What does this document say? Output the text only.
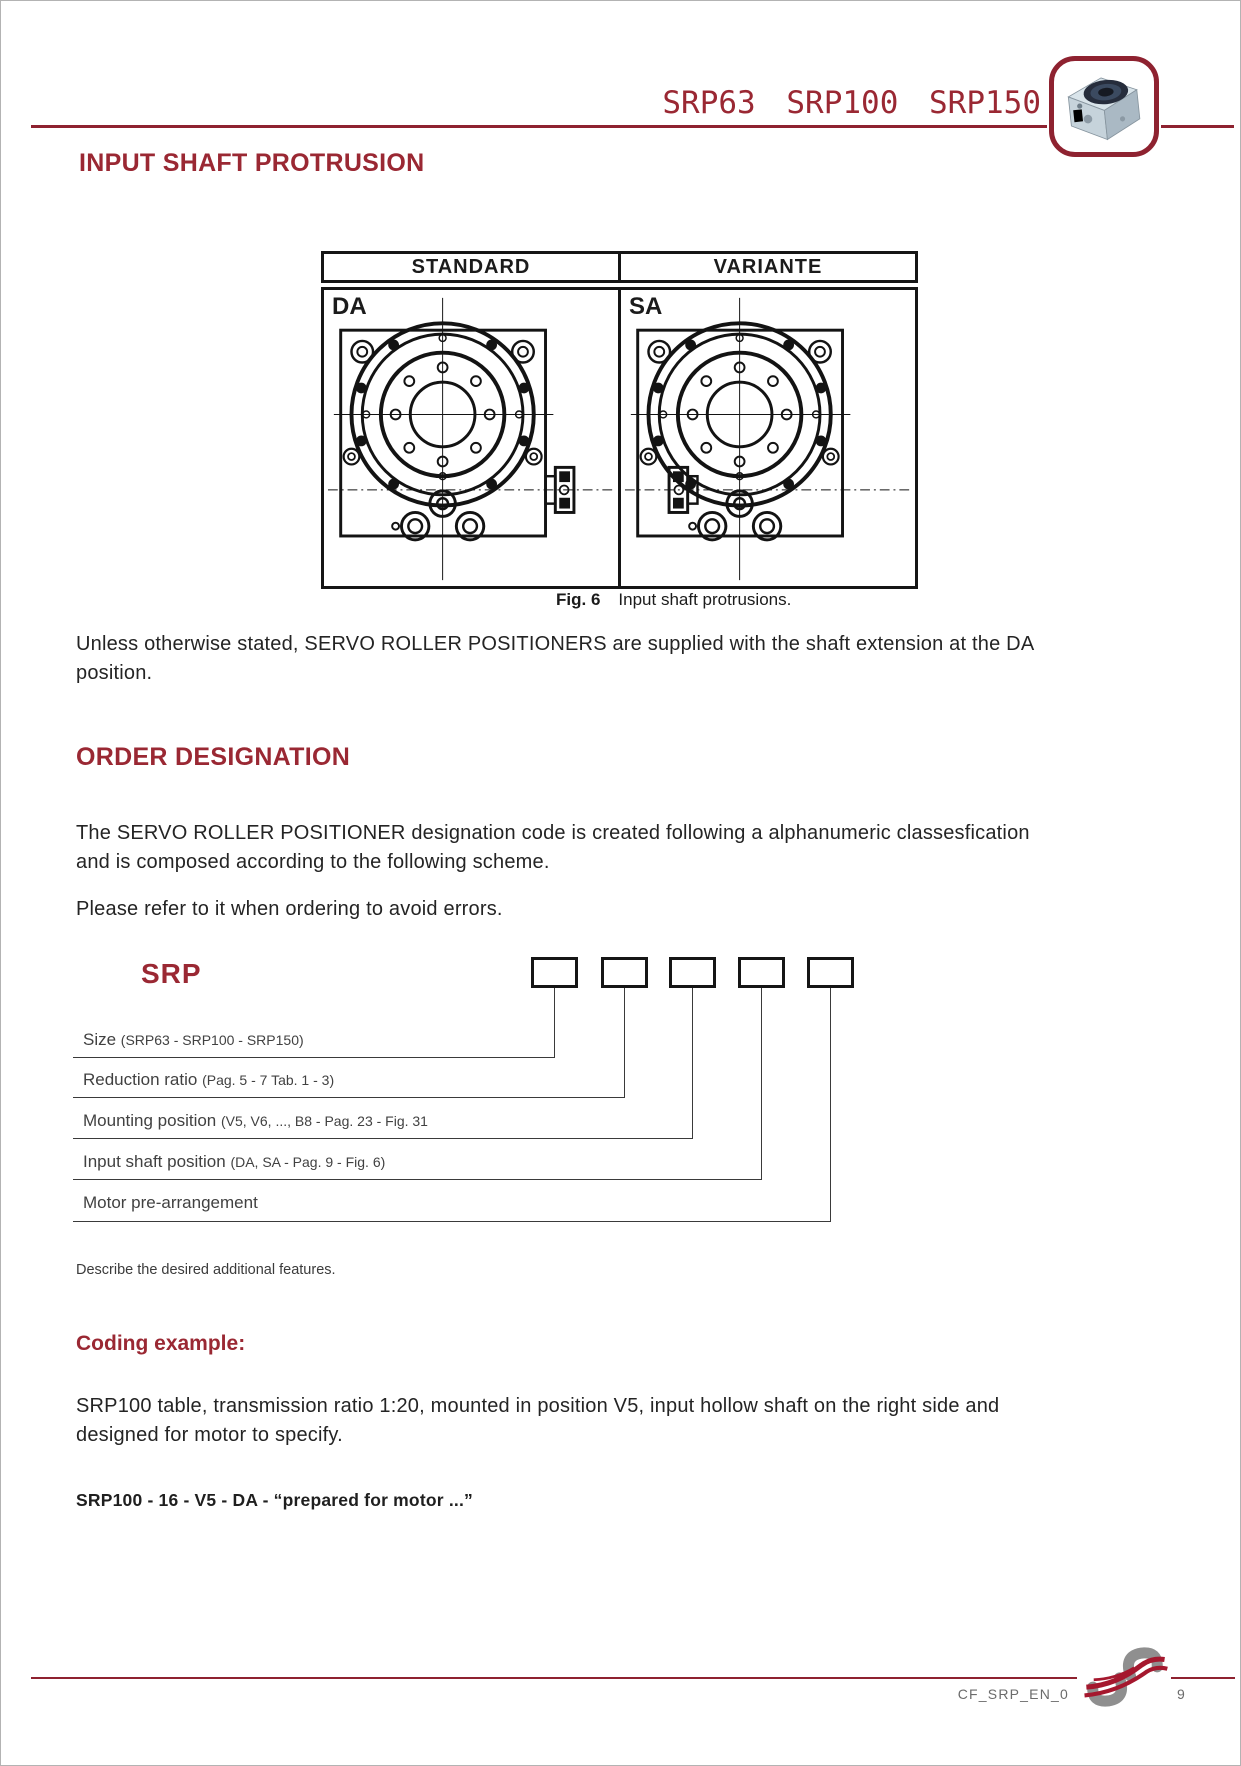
SRP63 SRP100 SRP150
INPUT SHAFT PROTRUSION
STANDARD	VARIANTE
DA	SA
Fig. 6 Input shaft protrusions.

Unless otherwise stated, SERVO ROLLER POSITIONERS are supplied with the shaft extension at the DA position.

ORDER DESIGNATION

The SERVO ROLLER POSITIONER designation code is created following a alphanumeric classesfication and is composed according to the following scheme.

Please refer to it when ordering to avoid errors.

SRP
Size (SRP63 - SRP100 - SRP150)
Reduction ratio (Pag. 5 - 7 Tab. 1 - 3)
Mounting position (V5, V6, ..., B8 - Pag. 23 - Fig. 31
Input shaft position (DA, SA - Pag. 9 - Fig. 6)
Motor pre-arrangement
Describe the desired additional features.
Coding example:

SRP100 table, transmission ratio 1:20, mounted in position V5, input hollow shaft on the right side and designed for motor to specify.

SRP100 - 16 - V5 - DA - “prepared for motor ...”
CF_SRP_EN_0	9
